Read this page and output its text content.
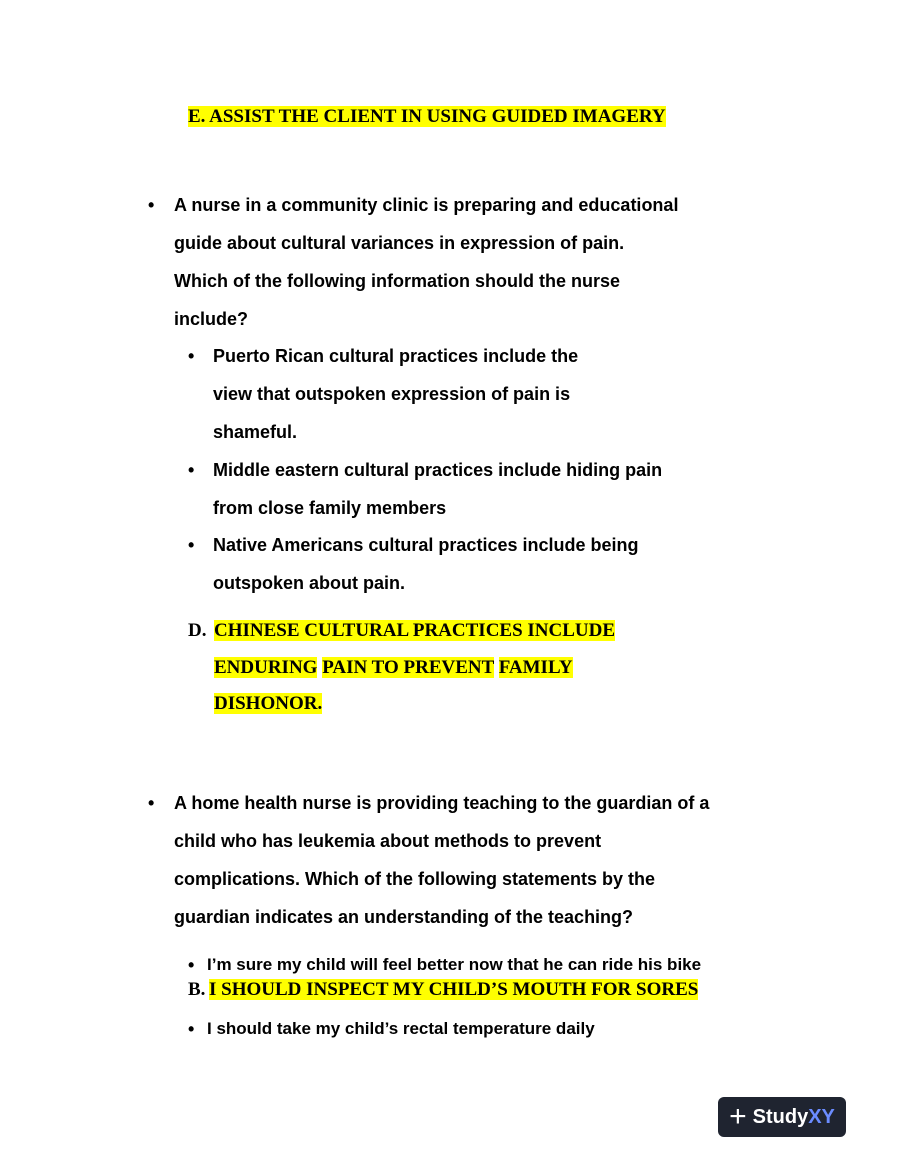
E. ASSIST THE CLIENT IN USING GUIDED IMAGERY
• A nurse in a community clinic is preparing and educational
guide about cultural variances in expression of pain.
Which of the following information should the nurse
include?
• Puerto Rican cultural practices include the
view that outspoken expression of pain is
shameful.
• Middle eastern cultural practices include hiding pain
from close family members
• Native Americans cultural practices include being
outspoken about pain.
D. CHINESE CULTURAL PRACTICES INCLUDE
ENDURING PAIN TO PREVENT FAMILY
DISHONOR.
• A home health nurse is providing teaching to the guardian of a
child who has leukemia about methods to prevent
complications. Which of the following statements by the
guardian indicates an understanding of the teaching?
• I’m sure my child will feel better now that he can ride his bike
B. I SHOULD INSPECT MY CHILD’S MOUTH FOR SORES
• I should take my child’s rectal temperature daily
+ Study XY
